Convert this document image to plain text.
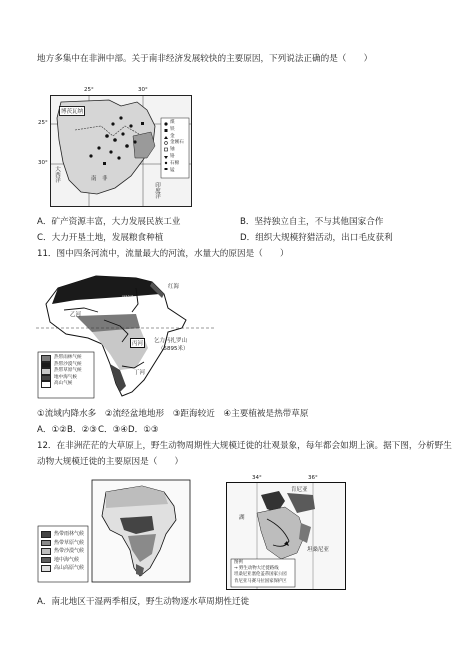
地方多集中在非洲中部。关于南非经济发展较快的主要原因，下列说法正确的是（　　）
25°	30°
25°
30°
博茨瓦纳
南　非
印度洋
大西洋
煤
铁
金
金刚石
铀
铬
石棉
锰
A．矿产资源丰富，大力发展民族工业	B．坚持独立自主，不与其他国家合作
C．大力开垦土地，发展粮食种植	D．组织大规模狩猎活动，出口毛皮获利
11．图中四条河流中，流量最大的河流，水量大的原因是（　　）
甲河
乙河
丙河
丁河
红海
乞力马扎罗山
（5895米）
热带雨林气候
热带沙漠气候
热带草原气候
地中海气候
高山气候
①流域内降水多　②流经盆地地形　③距海较近　④主要植被是热带草原
A．①② B．②③ C．③④ D．①③
12．在非洲茫茫的大草原上，野生动物周期性大规模迁徙的壮观景象，每年都会如期上演。据下图，分析野生
动物大规模迁徙的主要原因是（　　）
热带雨林气候
热带草原气候
热带沙漠气候
地中海气候
高山高原气候
34°	36°
肯尼亚
湖
坦桑尼亚
图例
→ 野生动物大迁徙路线
坦桑尼亚塞伦盖蒂国家公园
肯尼亚马赛马拉国家保护区
A．南北地区干湿两季相反，野生动物逐水草周期性迁徙
